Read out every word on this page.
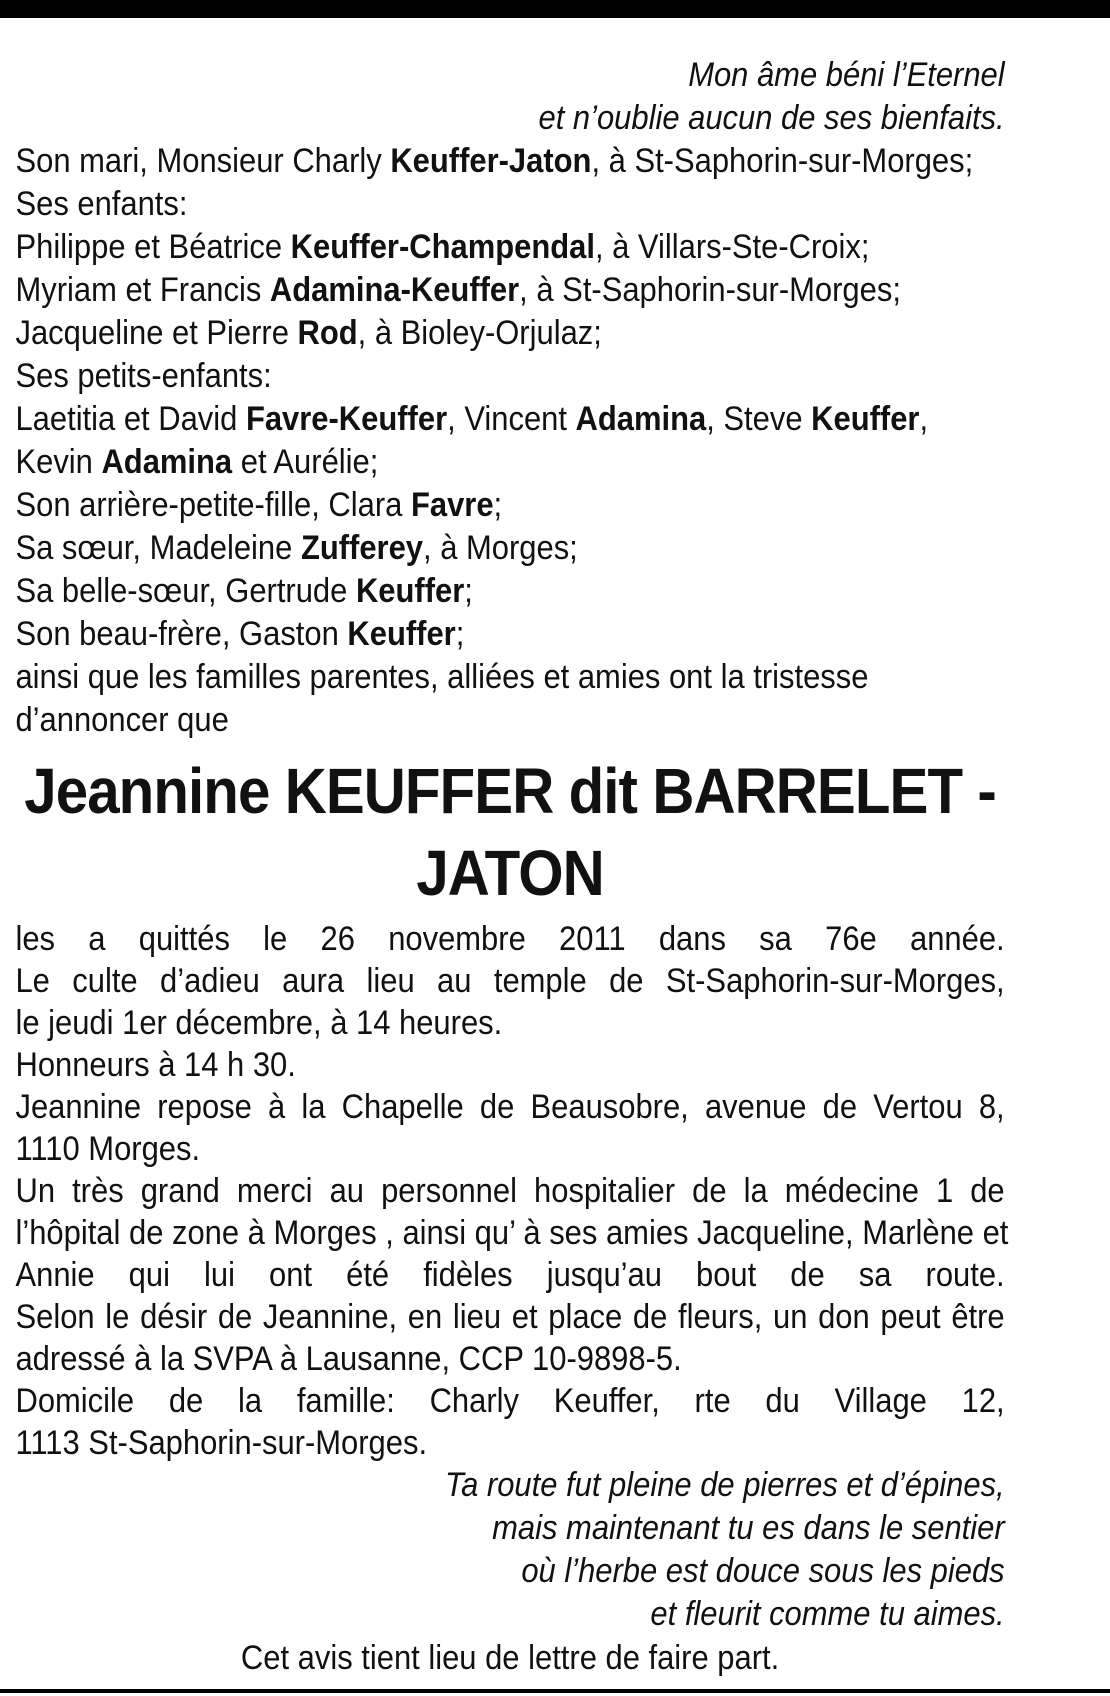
Mon âme béni l’Eternel
et n’oublie aucun de ses bienfaits.
Son mari, Monsieur Charly Keuffer-Jaton, à St-Saphorin-sur-Morges;
Ses enfants:
Philippe et Béatrice Keuffer-Champendal, à Villars-Ste-Croix;
Myriam et Francis Adamina-Keuffer, à St-Saphorin-sur-Morges;
Jacqueline et Pierre Rod, à Bioley-Orjulaz;
Ses petits-enfants:
Laetitia et David Favre-Keuffer, Vincent Adamina, Steve Keuffer,
Kevin Adamina et Aurélie;
Son arrière-petite-fille, Clara Favre;
Sa sœur, Madeleine Zufferey, à Morges;
Sa belle-sœur, Gertrude Keuffer;
Son beau-frère, Gaston Keuffer;
ainsi que les familles parentes, alliées et amies ont la tristesse
d’annoncer que
Jeannine KEUFFER dit BARRELET -
JATON
les a quittés le 26 novembre 2011 dans sa 76e année.
Le culte d’adieu aura lieu au temple de St-Saphorin-sur-Morges,
le jeudi 1er décembre, à 14 heures.
Honneurs à 14 h 30.
Jeannine repose à la Chapelle de Beausobre, avenue de Vertou 8,
1110 Morges.
Un très grand merci au personnel hospitalier de la médecine 1 de
l’hôpital de zone à Morges , ainsi qu’ à ses amies Jacqueline, Marlène et
Annie qui lui ont été fidèles jusqu’au bout de sa route.
Selon le désir de Jeannine, en lieu et place de fleurs, un don peut être
adressé à la SVPA à Lausanne, CCP 10-9898-5.
Domicile de la famille: Charly Keuffer, rte du Village 12,
1113 St-Saphorin-sur-Morges.
Ta route fut pleine de pierres et d’épines,
mais maintenant tu es dans le sentier
où l’herbe est douce sous les pieds
et fleurit comme tu aimes.
Cet avis tient lieu de lettre de faire part.
